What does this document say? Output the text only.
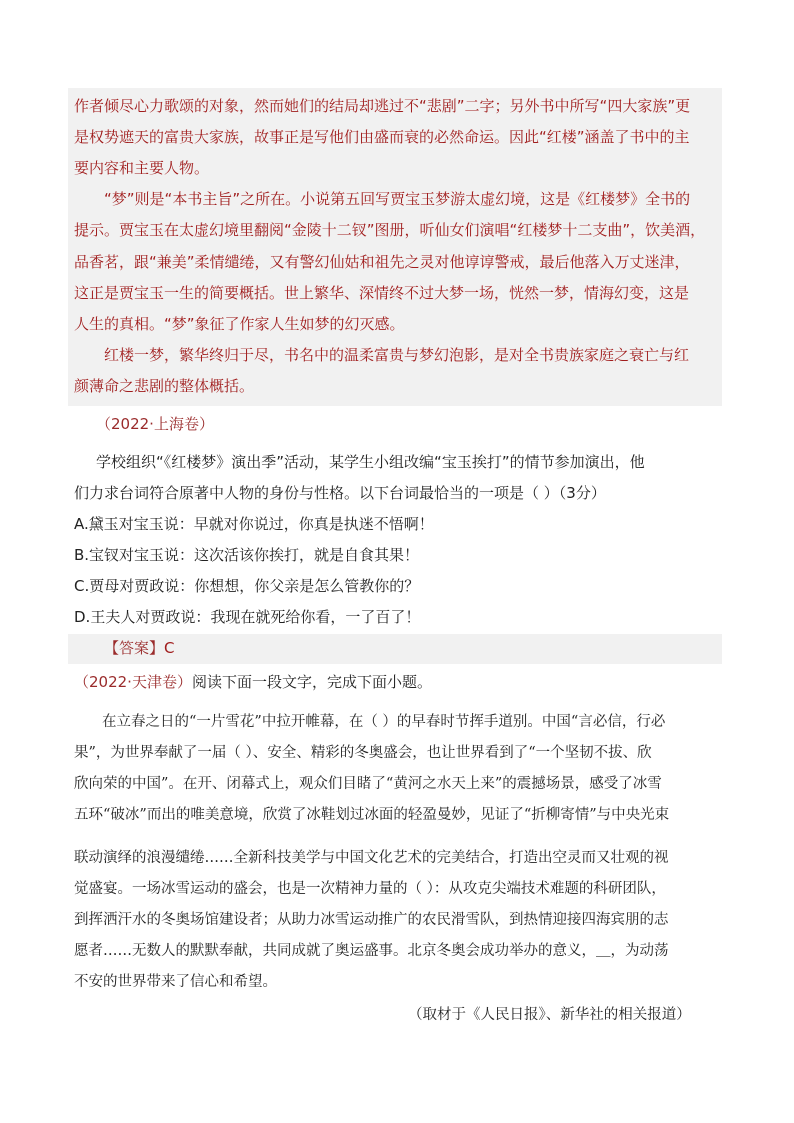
作者倾尽心力歌颂的对象，然而她们的结局却逃过不“悲剧”二字；另外书中所写“四大家族”更
是权势遮天的富贵大家族，故事正是写他们由盛而衰的必然命运。因此“红楼”涵盖了书中的主
要内容和主要人物。
“梦”则是“本书主旨”之所在。小说第五回写贾宝玉梦游太虚幻境，这是《红楼梦》全书的
提示。贾宝玉在太虚幻境里翻阅“金陵十二钗”图册，听仙女们演唱“红楼梦十二支曲”，饮美酒，
品香茗，跟“兼美”柔情缱绻，又有警幻仙姑和祖先之灵对他谆谆警戒，最后他落入万丈迷津，
这正是贾宝玉一生的简要概括。世上繁华、深情终不过大梦一场，恍然一梦，情海幻变，这是
人生的真相。“梦”象征了作家人生如梦的幻灭感。
红楼一梦，繁华终归于尽，书名中的温柔富贵与梦幻泡影，是对全书贵族家庭之衰亡与红
颜薄命之悲剧的整体概括。
（2022·上海卷）
学校组织“《红楼梦》演出季”活动，某学生小组改编“宝玉挨打”的情节参加演出，他
们力求台词符合原著中人物的身份与性格。以下台词最恰当的一项是（ ）（3分）
A.黛玉对宝玉说：早就对你说过，你真是执迷不悟啊！
B.宝钗对宝玉说：这次活该你挨打，就是自食其果！
C.贾母对贾政说：你想想，你父亲是怎么管教你的？
D.王夫人对贾政说：我现在就死给你看，一了百了！
【答案】C
（2022·天津卷）阅读下面一段文字，完成下面小题。
在立春之日的“一片雪花”中拉开帷幕，在（ ）的早春时节挥手道别。中国“言必信，行必
果”，为世界奉献了一届（ ）、安全、精彩的冬奥盛会，也让世界看到了“一个坚韧不拔、欣
欣向荣的中国”。在开、闭幕式上，观众们目睹了“黄河之水天上来”的震撼场景，感受了冰雪
五环“破冰”而出的唯美意境，欣赏了冰鞋划过冰面的轻盈曼妙，见证了“折柳寄情”与中央光束
联动演绎的浪漫缱绻……全新科技美学与中国文化艺术的完美结合，打造出空灵而又壮观的视
觉盛宴。一场冰雪运动的盛会，也是一次精神力量的（ ）：从攻克尖端技术难题的科研团队，
到挥洒汗水的冬奥场馆建设者；从助力冰雪运动推广的农民滑雪队，到热情迎接四海宾朋的志
愿者……无数人的默默奉献，共同成就了奥运盛事。北京冬奥会成功举办的意义，＿，为动荡
不安的世界带来了信心和希望。
（取材于《人民日报》、新华社的相关报道）
